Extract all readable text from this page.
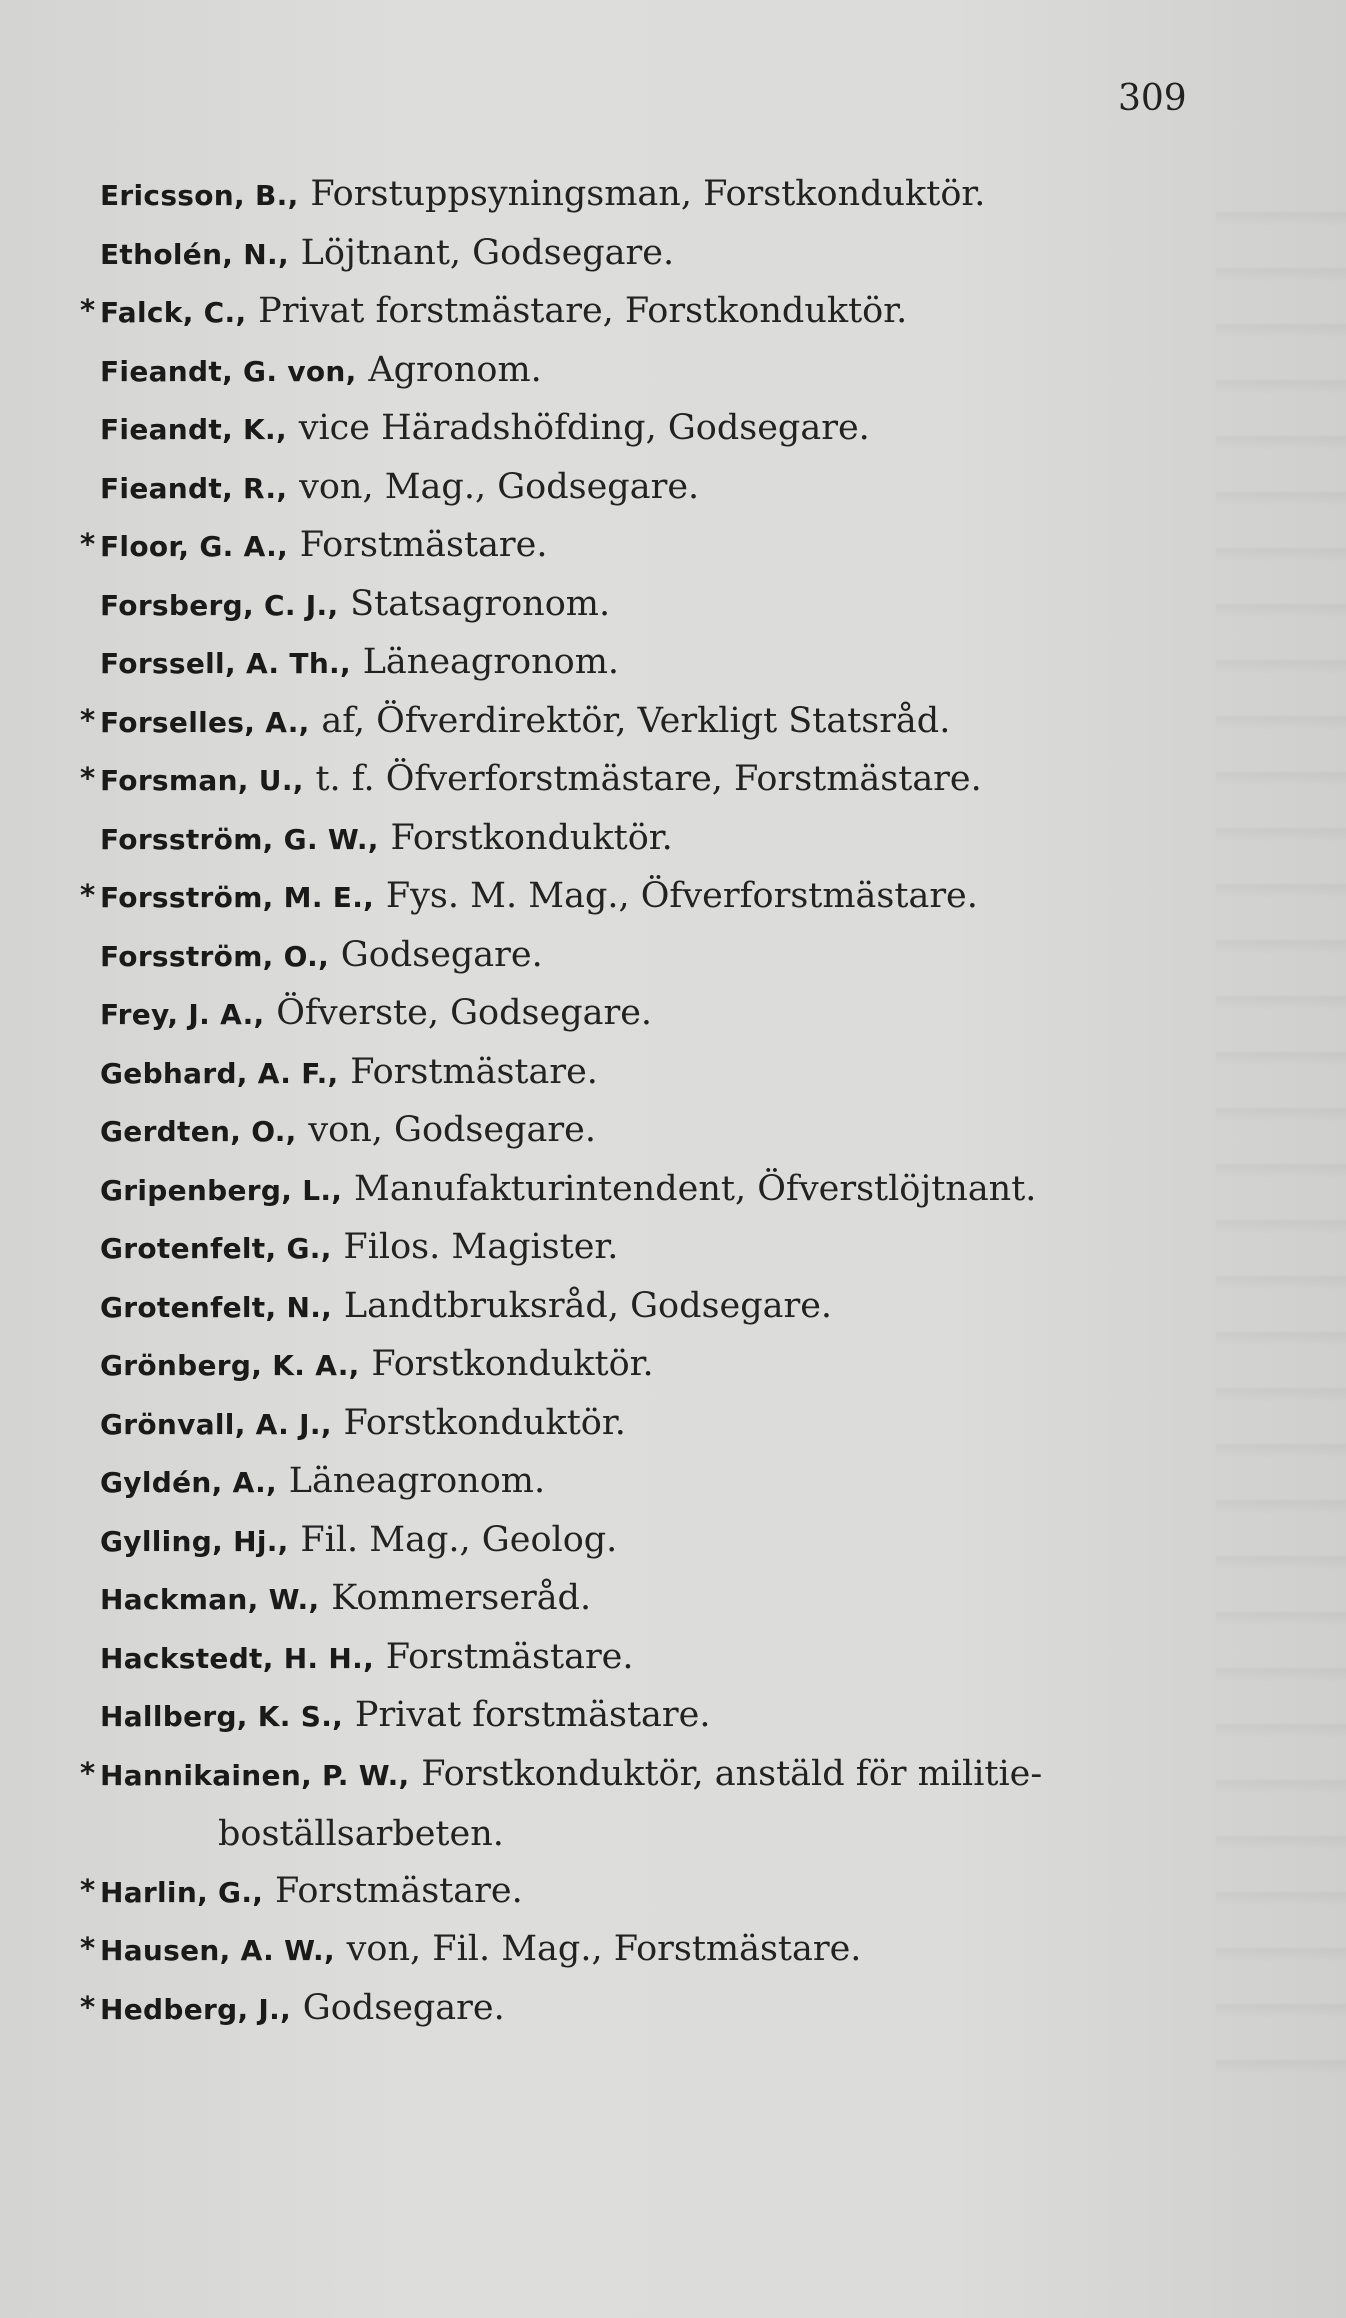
309
Ericsson, B., Forstuppsyningsman, Forstkonduktör.
Etholén, N., Löjtnant, Godsegare.
* Falck, C., Privat forstmästare, Forstkonduktör.
Fieandt, G. von, Agronom.
Fieandt, K., vice Häradshöfding, Godsegare.
Fieandt, R., von, Mag., Godsegare.
* Floor, G. A., Forstmästare.
Forsberg, C. J., Statsagronom.
Forssell, A. Th., Läneagronom.
* Forselles, A., af, Öfverdirektör, Verkligt Statsråd.
* Forsman, U., t. f. Öfverforstmästare, Forstmästare.
Forsström, G. W., Forstkonduktör.
* Forsström, M. E., Fys. M. Mag., Öfverforstmästare.
Forsström, O., Godsegare.
Frey, J. A., Öfverste, Godsegare.
Gebhard, A. F., Forstmästare.
Gerdten, O., von, Godsegare.
Gripenberg, L., Manufakturintendent, Öfverstlöjtnant.
Grotenfelt, G., Filos. Magister.
Grotenfelt, N., Landtbruksråd, Godsegare.
Grönberg, K. A., Forstkonduktör.
Grönvall, A. J., Forstkonduktör.
Gyldén, A., Läneagronom.
Gylling, Hj., Fil. Mag., Geolog.
Hackman, W., Kommerseråd.
Hackstedt, H. H., Forstmästare.
Hallberg, K. S., Privat forstmästare.
* Hannikainen, P. W., Forstkonduktör, anstäld för militie-
boställsarbeten.
* Harlin, G., Forstmästare.
* Hausen, A. W., von, Fil. Mag., Forstmästare.
* Hedberg, J., Godsegare.
